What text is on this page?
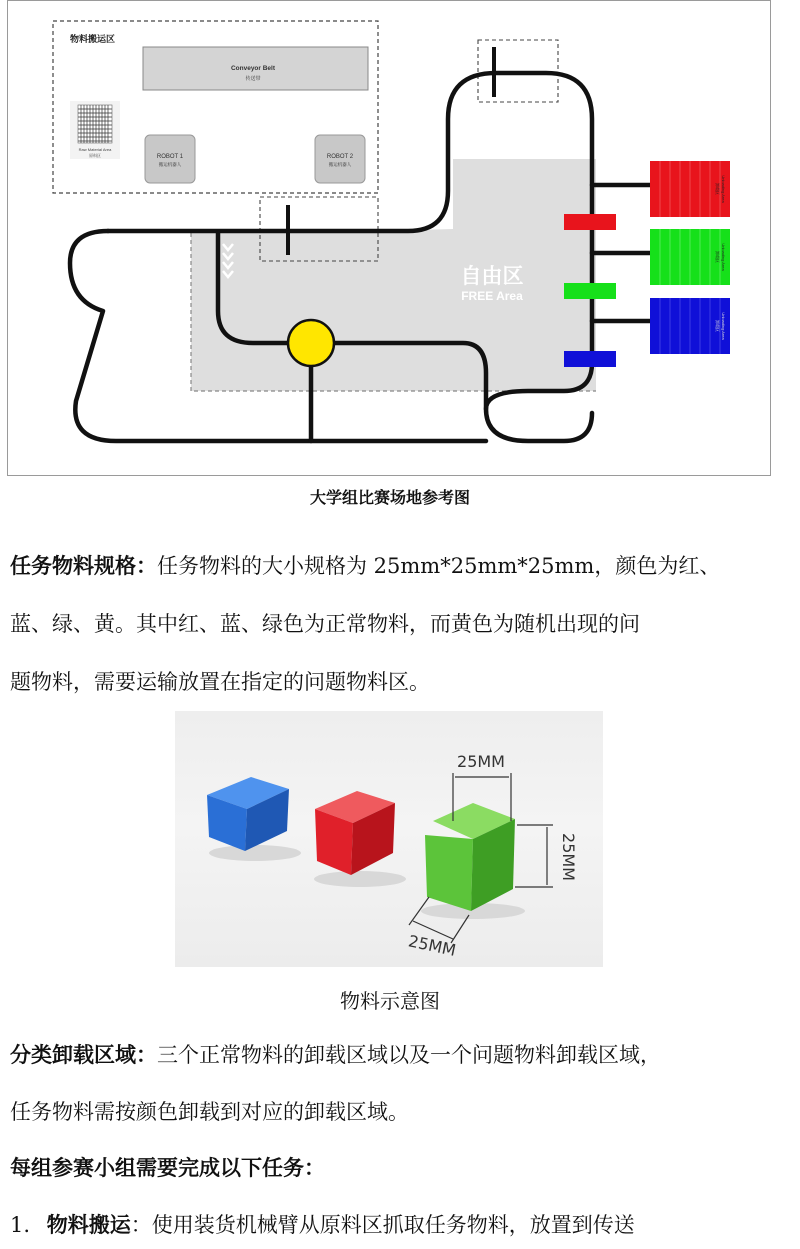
物料搬运区
Conveyor Belt
传送带
Raw Material Area
原料区	ROBOT 1
搬运机器人
ROBOT 2
搬运机器人
自由区
FREE Area
Unloading Area
卸载区
Unloading Area
卸载区
Unloading Area
卸载区
大学组比赛场地参考图
任务物料规格：任务物料的大小规格为 25mm*25mm*25mm，颜色为红、
蓝、绿、黄。其中红、蓝、绿色为正常物料，而黄色为随机出现的问
题物料，需要运输放置在指定的问题物料区。
25MM
25MM
25MM
物料示意图
分类卸载区域：三个正常物料的卸载区域以及一个问题物料卸载区域，
任务物料需按颜色卸载到对应的卸载区域。
每组参赛小组需要完成以下任务：
1. 物料搬运：使用装货机械臂从原料区抓取任务物料，放置到传送
